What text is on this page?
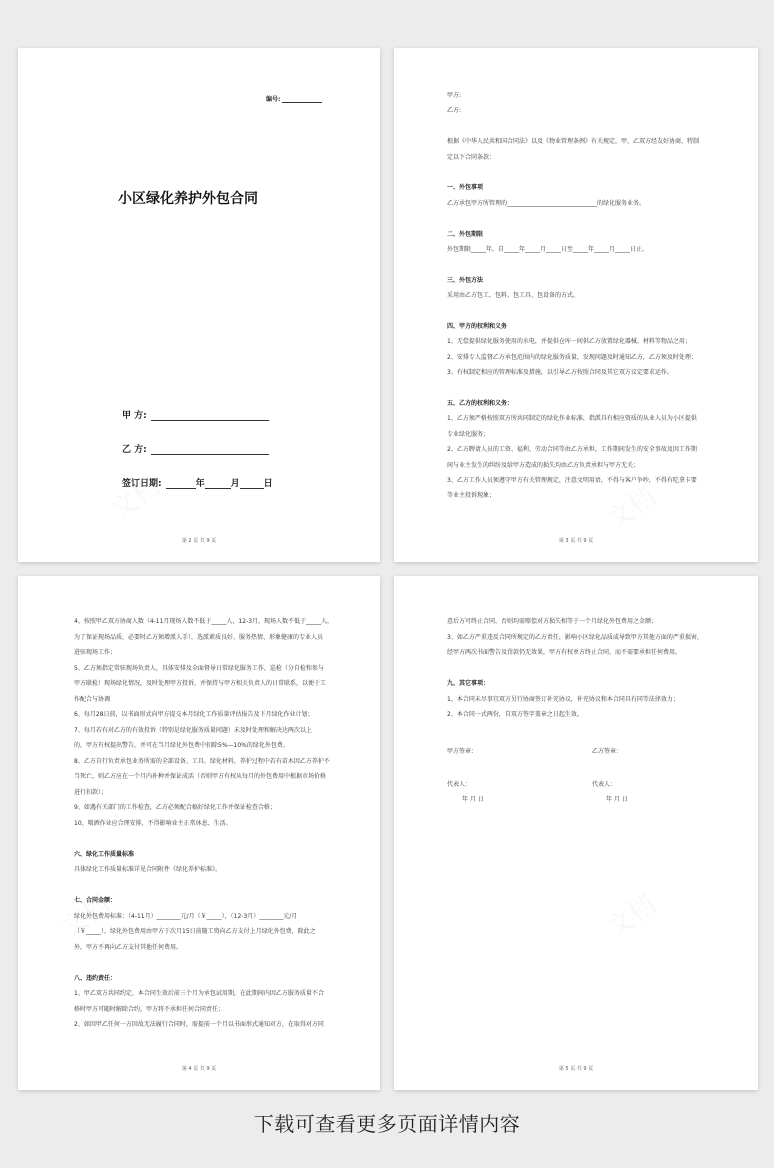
编号:
小区绿化养护外包合同
甲 方:
乙 方:
签订日期:	年	月	日
第 2 页 共 9 页
甲方:
乙方:
根据《中华人民共和国合同法》以及《物业管理条例》有关规定，甲、乙双方经友好协商，特制
定以下合同条款：
一、外包事项
乙方承包甲方所管理的______________________________的绿化服务业务。
二、外包期限
外包期限_____年，自_____年_____月_____日至_____年_____月_____日止。
三、外包方法
采用由乙方包工、包料、包工具、包设备的方式。
四、甲方的权利和义务
1、无偿提供绿化服务使用的水电，并提供仓库一间供乙方放置绿化器械、材料等物品之用；
2、安排专人监督乙方承包范围内的绿化服务质量，发现问题及时通知乙方，乙方须及时处理；
3、有权制定相应的管理标准及措施，以引导乙方按照合同及其它双方议定要求运作。
五、乙方的权利和义务：
1、乙方须严格按照双方所共同制定的绿化作业标准，指派具有相应资质的从业人员为小区提供
专业绿化服务；
2、乙方聘请人员的工资、福利、劳动合同等由乙方承担，工作期间发生的安全事故及因工作期
间与业主发生的纠纷及给甲方造成的损失均由乙方负责承担与甲方无关；
3、乙方工作人员须遵守甲方有关管理规定，注意文明用语，不得与客户争吵，不得有吃拿卡要
等业主投诉现象；
第 3 页 共 9 页
4、按照甲乙双方协商人数（4-11月现场人数不低于_____人，12-3月，现场人数不低于_____人，
为了保证现场品质，必要时乙方须增派人手），选派素质良好、服务热情、形象健康的专业人员
进驻现场工作；
5、乙方须指定常驻现场负责人，具体安排及全面督导日常绿化服务工作，巡检（分自检和参与
甲方联检）现场绿化情况，及时处理甲方投诉，并保持与甲方相关负责人的日常联系，以便于工
作配合与协调
6、每月28日前，以书面形式向甲方提交本月绿化工作质量评估报告及下月绿化作业计划；
7、每月若有对乙方的有效投诉（特别是绿化服务质量问题）未及时处理和解决达两次以上
的，甲方有权提出警告，并可在当月绿化外包费中扣除5%—10%的绿化外包费。
8、乙方自行负责承包业务所需的全部设备、工具、绿化材料，养护过程中若有苗木因乙方养护不
当死亡，则乙方应在一个月内补种并保证成活（否则甲方有权从每月的外包费用中根据市场价格
进行扣款）；
9、如遇有关部门的工作检查，乙方必须配合搞好绿化工作并保证检查合格；
10、喷洒作业应合理安排，不得影响业主正常休息、生活。
六、绿化工作质量标准
具体绿化工作质量标准详见合同附件《绿化养护标准》。
七、合同金额：
绿化外包费用标准：（4-11月）________元/月（￥_____），（12-3月）________元/月
（￥_____），绿化外包费用由甲方于次月15日前随工资向乙方支付上月绿化外包费，除此之
外，甲方不再向乙方支付其他任何费用。
八、违约责任：
1、甲乙双方共同约定，本合同生效后前三个月为承包试用期，在此期间内因乙方服务质量不合
格时甲方可随时解除合约，甲方将不承担任何合同责任；
2、如因甲乙任何一方因故无法履行合同时，需提前一个月以书面形式通知对方，在取得对方同
第 4 页 共 9 页
意后方可终止合同，否则均需赔偿对方损失相等于一个月绿化外包费用之金额；
3、如乙方严重违反合同所规定的乙方责任，影响小区绿化品质或导致甲方其他方面的严重损害，
经甲方两次书面警告及罚款仍无效果，甲方有权单方终止合同，而不需要承担任何费用。
九、其它事项：
1、本合同未尽事宜双方另行协商签订补充协议，补充协议和本合同具有同等法律效力；
2、本合同一式两份，自双方签字盖章之日起生效。
甲方签章：	乙方签章：
代表人：	代表人：
年 月 日	年 月 日
第 5 页 共 9 页
下载可查看更多页面详情内容
